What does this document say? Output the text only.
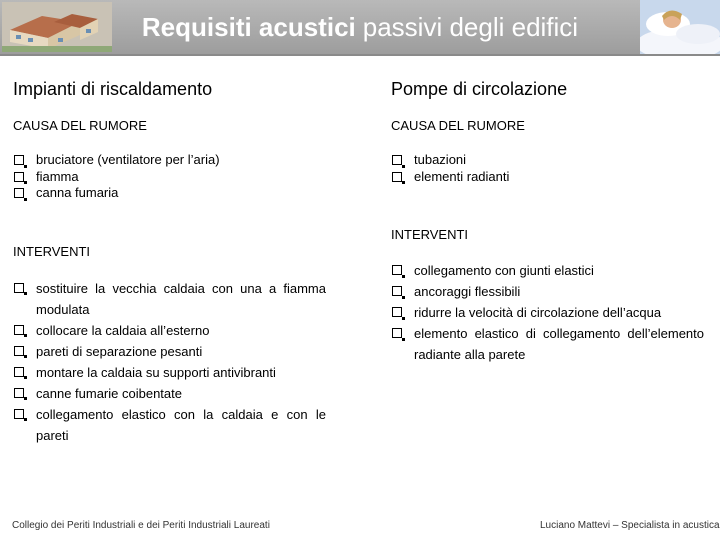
Requisiti acustici passivi degli edifici
Impianti di riscaldamento
CAUSA DEL RUMORE
bruciatore (ventilatore per l’aria)
fiamma
canna fumaria
INTERVENTI
sostituire la vecchia caldaia con una a fiamma modulata
collocare la caldaia all’esterno
pareti di separazione pesanti
montare la caldaia su supporti antivibranti
canne fumarie coibentate
collegamento elastico con la caldaia e con le pareti
Pompe di circolazione
CAUSA DEL RUMORE
tubazioni
elementi radianti
INTERVENTI
collegamento con giunti elastici
ancoraggi flessibili
ridurre la velocità di circolazione dell’acqua
elemento elastico di collegamento dell’elemento radiante alla parete
Collegio dei Periti Industriali e dei Periti Industriali Laureati	Luciano Mattevi – Specialista in acustica
